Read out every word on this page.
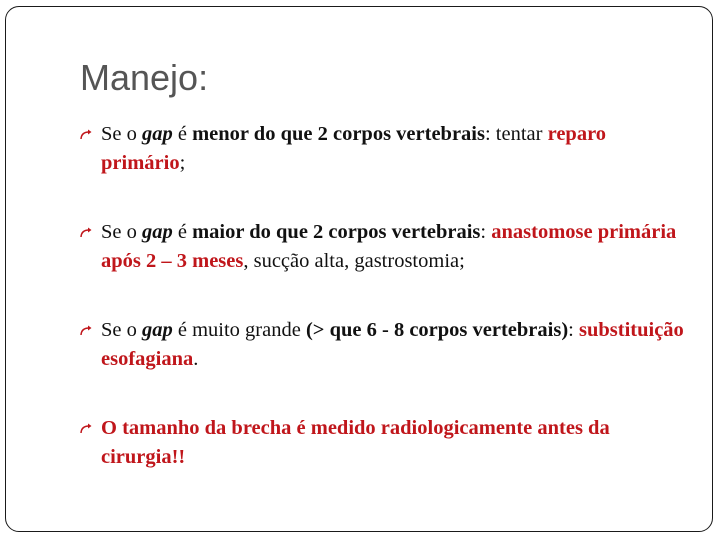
Manejo:
Se o gap é menor do que 2 corpos vertebrais: tentar reparo primário;
Se o gap é maior do que 2 corpos vertebrais: anastomose primária após 2 – 3 meses, sucção alta, gastrostomia;
Se o gap é muito grande (> que 6 - 8 corpos vertebrais): substituição esofagiana.
O tamanho da brecha é medido radiologicamente antes da cirurgia!!
